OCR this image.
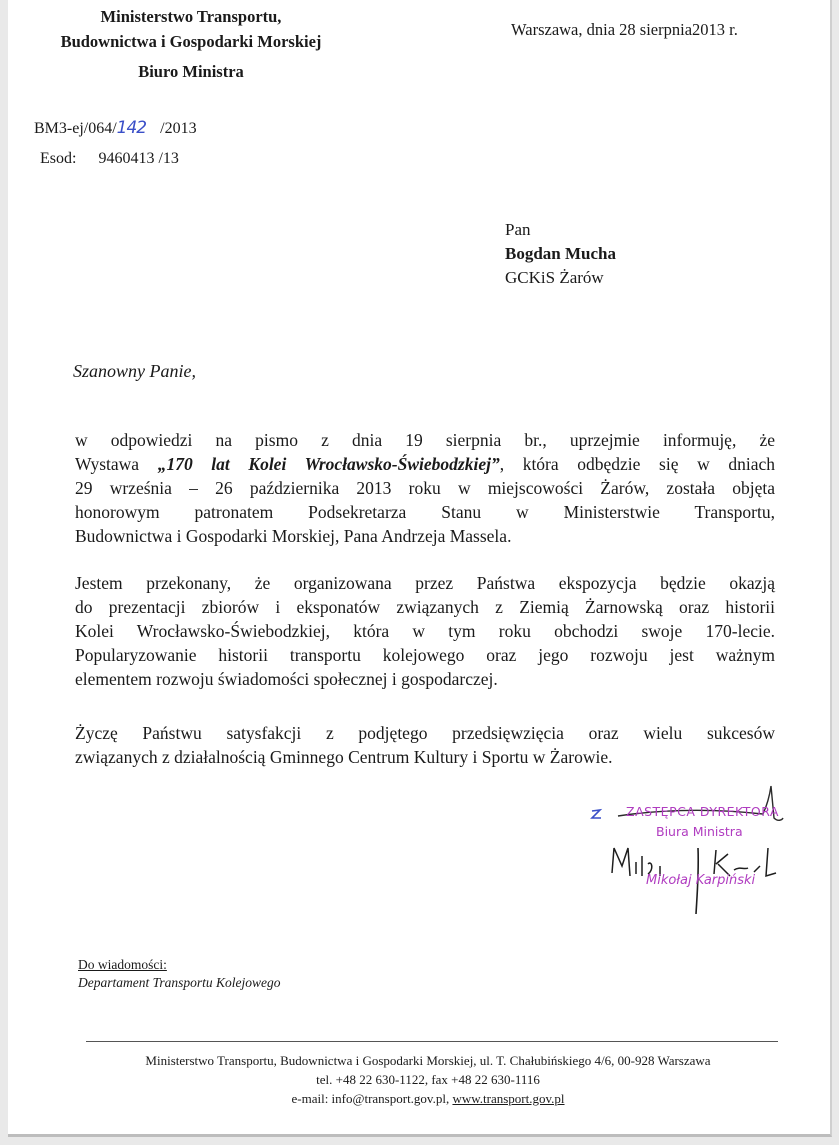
Ministerstwo Transportu,
Budownictwa i Gospodarki Morskiej
Biuro Ministra
Warszawa, dnia 28 sierpnia2013 r.
BM3-ej/064/142 /2013
Esod: 9460413 /13
Pan
Bogdan Mucha
GCKiS Żarów
Szanowny Panie,
w odpowiedzi na pismo z dnia 19 sierpnia br., uprzejmie informuję, że
Wystawa „170 lat Kolei Wrocławsko-Świebodzkiej”, która odbędzie się w dniach
29 września – 26 października 2013 roku w miejscowości Żarów, została objęta
honorowym patronatem Podsekretarza Stanu w Ministerstwie Transportu,
Budownictwa i Gospodarki Morskiej, Pana Andrzeja Massela.
Jestem przekonany, że organizowana przez Państwa ekspozycja będzie okazją
do prezentacji zbiorów i eksponatów związanych z Ziemią Żarnowską oraz historii
Kolei Wrocławsko-Świebodzkiej, która w tym roku obchodzi swoje 170-lecie.
Popularyzowanie historii transportu kolejowego oraz jego rozwoju jest ważnym
elementem rozwoju świadomości społecznej i gospodarczej.
Życzę Państwu satysfakcji z podjętego przedsięwzięcia oraz wielu sukcesów
związanych z działalnością Gminnego Centrum Kultury i Sportu w Żarowie.
ZASTĘPCA DYREKTORA
Biura Ministra
Mikołaj Karpiński
Do wiadomości:
Departament Transportu Kolejowego
Ministerstwo Transportu, Budownictwa i Gospodarki Morskiej, ul. T. Chałubińskiego 4/6, 00-928 Warszawa
tel. +48 22 630-1122, fax +48 22 630-1116
e-mail: info@transport.gov.pl, www.transport.gov.pl
